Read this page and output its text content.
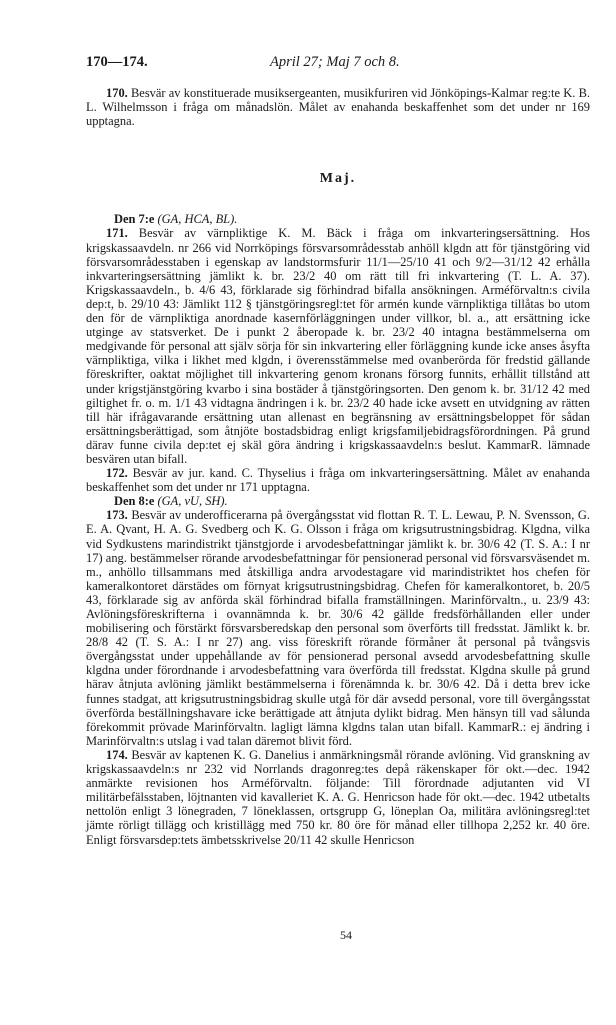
170—174.	April 27; Maj 7 och 8.

170. Besvär av konstituerade musiksergeanten, musikfuriren vid Jönköpings-Kalmar reg:te K. B. L. Wilhelmsson i fråga om månadslön. Målet av enahanda beskaffenhet som det under nr 169 upptagna.

Maj.

Den 7:e (GA, HCA, BL).

171. Besvär av värnpliktige K. M. Bäck i fråga om inkvarteringsersättning. Hos krigskassaavdeln. nr 266 vid Norrköpings försvarsområdesstab anhöll klgdn att för tjänstgöring vid försvarsområdesstaben i egenskap av landstormsfurir 11/1—25/10 41 och 9/2—31/12 42 erhålla inkvarteringsersättning jämlikt k. br. 23/2 40 om rätt till fri inkvartering (T. L. A. 37). Krigskassaavdeln., b. 4/6 43, förklarade sig förhindrad bifalla ansökningen. Arméförvaltn:s civila dep:t, b. 29/10 43: Jämlikt 112 § tjänstgöringsregl:tet för armén kunde värnpliktiga tillåtas bo utom den för de värnpliktiga anordnade kasernförläggningen under villkor, bl. a., att ersättning icke utginge av statsverket. De i punkt 2 åberopade k. br. 23/2 40 intagna bestämmelserna om medgivande för personal att själv sörja för sin inkvartering eller förläggning kunde icke anses åsyfta värnpliktiga, vilka i likhet med klgdn, i överensstämmelse med ovanberörda för fredstid gällande föreskrifter, oaktat möjlighet till inkvartering genom kronans försorg funnits, erhållit tillstånd att under krigstjänstgöring kvarbo i sina bostäder å tjänstgöringsorten. Den genom k. br. 31/12 42 med giltighet fr. o. m. 1/1 43 vidtagna ändringen i k. br. 23/2 40 hade icke avsett en utvidgning av rätten till här ifrågavarande ersättning utan allenast en begränsning av ersättningsbeloppet för sådan ersättningsberättigad, som åtnjöte bostadsbidrag enligt krigsfamiljebidragsförordningen. På grund därav funne civila dep:tet ej skäl göra ändring i krigskassaavdeln:s beslut. KammarR. lämnade besvären utan bifall.

172. Besvär av jur. kand. C. Thyselius i fråga om inkvarteringsersättning. Målet av enahanda beskaffenhet som det under nr 171 upptagna.

Den 8:e (GA, vU, SH).

173. Besvär av underofficerarna på övergångsstat vid flottan R. T. L. Lewau, P. N. Svensson, G. E. A. Qvant, H. A. G. Svedberg och K. G. Olsson i fråga om krigsutrustningsbidrag. Klgdna, vilka vid Sydkustens marindistrikt tjänstgjorde i arvodesbefattningar jämlikt k. br. 30/6 42 (T. S. A.: I nr 17) ang. bestämmelser rörande arvodesbefattningar för pensionerad personal vid försvarsväsendet m. m., anhöllo tillsammans med åtskilliga andra arvodestagare vid marindistriktet hos chefen för kameralkontoret därstädes om förnyat krigsutrustningsbidrag. Chefen för kameralkontoret, b. 20/5 43, förklarade sig av anförda skäl förhindrad bifalla framställningen. Marinförvaltn., u. 23/9 43: Avlöningsföreskrifterna i ovannämnda k. br. 30/6 42 gällde fredsförhållanden eller under mobilisering och förstärkt försvarsberedskap den personal som överförts till fredsstat. Jämlikt k. br. 28/8 42 (T. S. A.: I nr 27) ang. viss föreskrift rörande förmåner åt personal på tvångsvis övergångsstat under uppehållande av för pensionerad personal avsedd arvodesbefattning skulle klgdna under förordnande i arvodesbefattning vara överförda till fredsstat. Klgdna skulle på grund härav åtnjuta avlöning jämlikt bestämmelserna i förenämnda k. br. 30/6 42. Då i detta brev icke funnes stadgat, att krigsutrustningsbidrag skulle utgå för där avsedd personal, vore till övergångsstat överförda beställningshavare icke berättigade att åtnjuta dylikt bidrag. Men hänsyn till vad sålunda förekommit prövade Marinförvaltn. lagligt lämna klgdns talan utan bifall. KammarR.: ej ändring i Marinförvaltn:s utslag i vad talan däremot blivit förd.

174. Besvär av kaptenen K. G. Danelius i anmärkningsmål rörande avlöning. Vid granskning av krigskassaavdeln:s nr 232 vid Norrlands dragonreg:tes depå räkenskaper för okt.—dec. 1942 anmärkte revisionen hos Arméförvaltn. följande: Till förordnade adjutanten vid VI militärbefälsstaben, löjtnanten vid kavalleriet K. A. G. Henricson hade för okt.—dec. 1942 utbetalts nettolön enligt 3 lönegraden, 7 löneklassen, ortsgrupp G, löneplan Oa, militära avlöningsregl:tet jämte rörligt tillägg och kristillägg med 750 kr. 80 öre för månad eller tillhopa 2,252 kr. 40 öre. Enligt försvarsdep:tets ämbetsskrivelse 20/11 42 skulle Henricson

54
